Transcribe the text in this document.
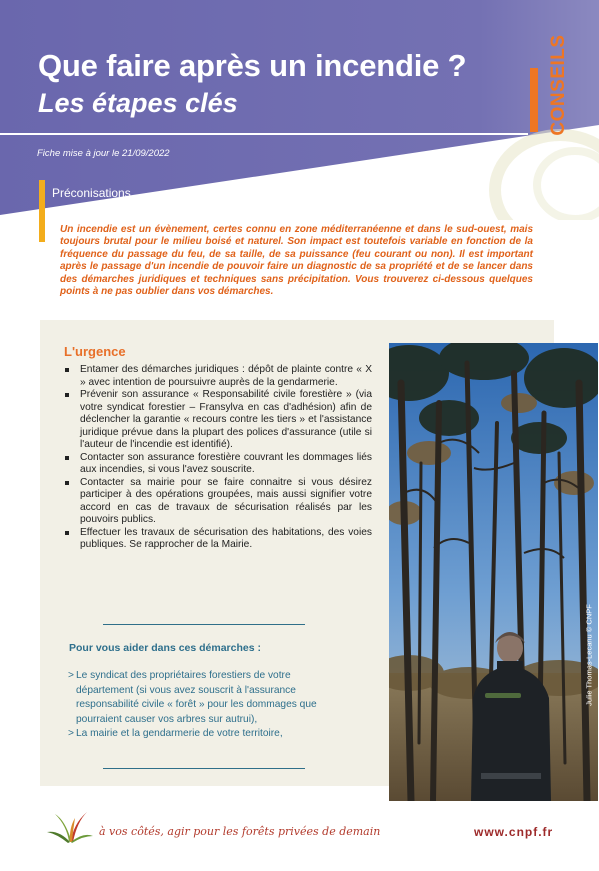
Que faire après un incendie ?
Les étapes clés	CONSEILS
Fiche mise à jour le 21/09/2022
Préconisations

Un incendie est un évènement, certes connu en zone méditerranéenne et dans le sud-ouest, mais toujours brutal pour le milieu boisé et naturel. Son impact est toutefois variable en fonction de la fréquence du passage du feu, de sa taille, de sa puissance (feu courant ou non). Il est important après le passage d'un incendie de pouvoir faire un diagnostic de sa propriété et de se lancer dans des démarches juridiques et techniques sans précipitation. Vous trouverez ci-dessous quelques points à ne pas oublier dans vos démarches.

L'urgence
Entamer des démarches juridiques : dépôt de plainte contre « X » avec intention de poursuivre auprès de la gendarmerie.
Prévenir son assurance « Responsabilité civile forestière » (via votre syndicat forestier – Fransylva en cas d'adhésion) afin de déclencher la garantie « recours contre les tiers » et l'assistance juridique prévue dans la plupart des polices d'assurance (utile si l'auteur de l'incendie est identifié).
Contacter son assurance forestière couvrant les dommages liés aux incendies, si vous l'avez souscrite.
Contacter sa mairie pour se faire connaitre si vous désirez participer à des opérations groupées, mais aussi signifier votre accord en cas de travaux de sécurisation réalisés par les pouvoirs publics.
Effectuer les travaux de sécurisation des habitations, des voies publiques. Se rapprocher de la Mairie.
Pour vous aider dans ces démarches :
> Le syndicat des propriétaires forestiers de votre département (si vous avez souscrit à l'assurance responsabilité civile « forêt » pour les dommages que pourraient causer vos arbres sur autrui),
> La mairie et la gendarmerie de votre territoire,
Julie Thomas-Lecanu © CNPF
à vos côtés, agir pour les forêts privées de demain	www.cnpf.fr
